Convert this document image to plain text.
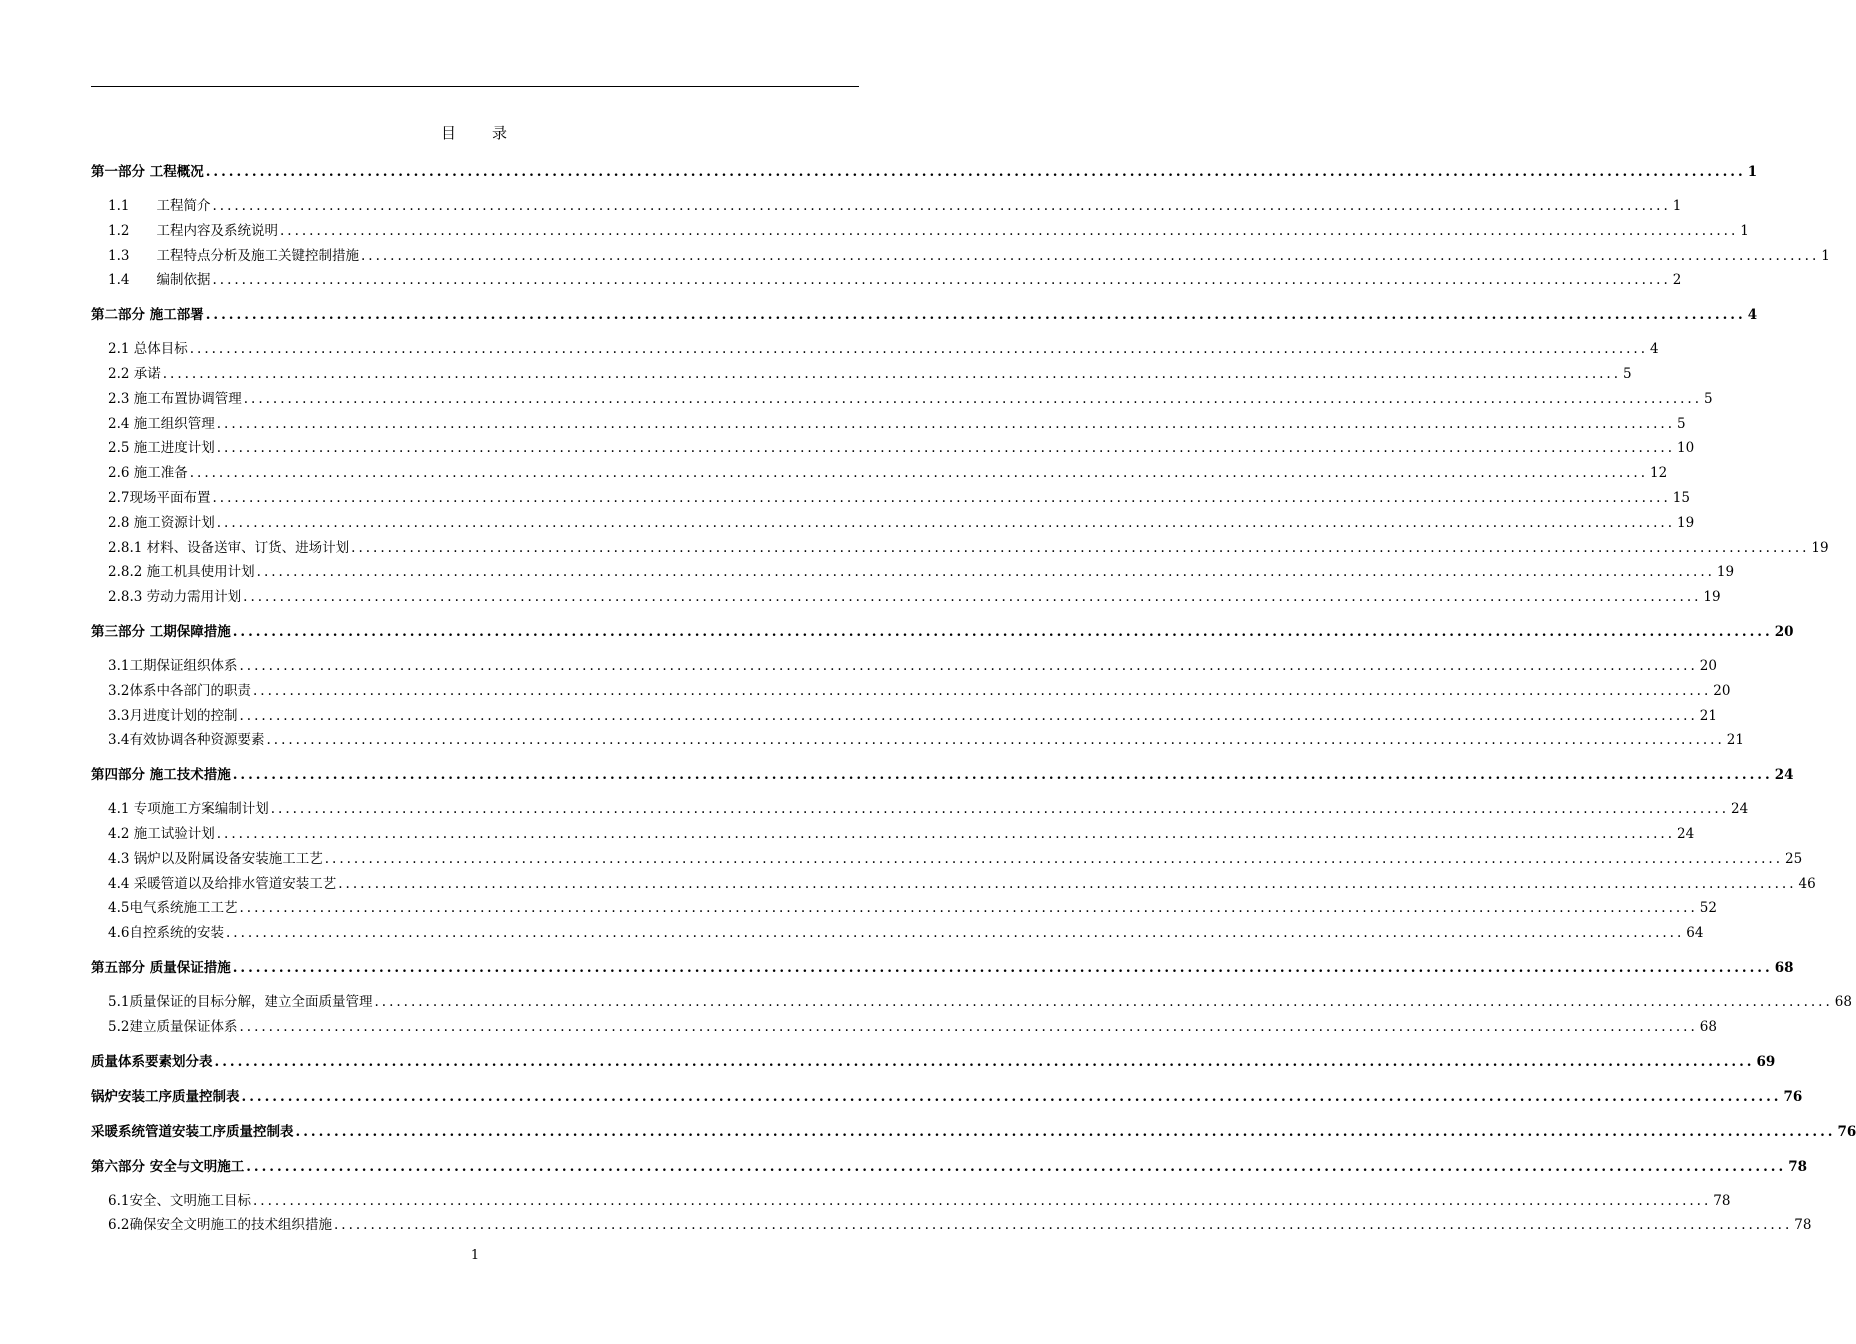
目　　录
第一部分 工程概况 ........................................................................................................................................................................................................ 1
1.1　　工程简介 ........................................................................................................................................................................................................ 1
1.2　　工程内容及系统说明 ........................................................................................................................................................................................................ 1
1.3　　工程特点分析及施工关键控制措施 ........................................................................................................................................................................................................ 1
1.4　　编制依据 ........................................................................................................................................................................................................ 2
第二部分 施工部署 ........................................................................................................................................................................................................ 4
2.1 总体目标 ........................................................................................................................................................................................................ 4
2.2 承诺 ........................................................................................................................................................................................................ 5
2.3 施工布置协调管理 ........................................................................................................................................................................................................ 5
2.4 施工组织管理 ........................................................................................................................................................................................................ 5
2.5 施工进度计划 ........................................................................................................................................................................................................ 10
2.6 施工准备 ........................................................................................................................................................................................................ 12
2.7现场平面布置 ........................................................................................................................................................................................................ 15
2.8 施工资源计划 ........................................................................................................................................................................................................ 19
2.8.1 材料、设备送审、订货、进场计划 ........................................................................................................................................................................................................ 19
2.8.2 施工机具使用计划 ........................................................................................................................................................................................................ 19
2.8.3 劳动力需用计划 ........................................................................................................................................................................................................ 19
第三部分 工期保障措施 ........................................................................................................................................................................................................ 20
3.1工期保证组织体系 ........................................................................................................................................................................................................ 20
3.2体系中各部门的职责 ........................................................................................................................................................................................................ 20
3.3月进度计划的控制 ........................................................................................................................................................................................................ 21
3.4有效协调各种资源要素 ........................................................................................................................................................................................................ 21
第四部分 施工技术措施 ........................................................................................................................................................................................................ 24
4.1 专项施工方案编制计划 ........................................................................................................................................................................................................ 24
4.2 施工试验计划 ........................................................................................................................................................................................................ 24
4.3 锅炉以及附属设备安装施工工艺 ........................................................................................................................................................................................................ 25
4.4 采暖管道以及给排水管道安装工艺 ........................................................................................................................................................................................................ 46
4.5电气系统施工工艺 ........................................................................................................................................................................................................ 52
4.6自控系统的安装 ........................................................................................................................................................................................................ 64
第五部分 质量保证措施 ........................................................................................................................................................................................................ 68
5.1质量保证的目标分解，建立全面质量管理 ........................................................................................................................................................................................................ 68
5.2建立质量保证体系 ........................................................................................................................................................................................................ 68
质量体系要素划分表 ........................................................................................................................................................................................................ 69
锅炉安装工序质量控制表 ........................................................................................................................................................................................................ 76
采暖系统管道安装工序质量控制表 ........................................................................................................................................................................................................ 76
第六部分 安全与文明施工 ........................................................................................................................................................................................................ 78
6.1安全、文明施工目标 ........................................................................................................................................................................................................ 78
6.2确保安全文明施工的技术组织措施 ........................................................................................................................................................................................................ 78
1
